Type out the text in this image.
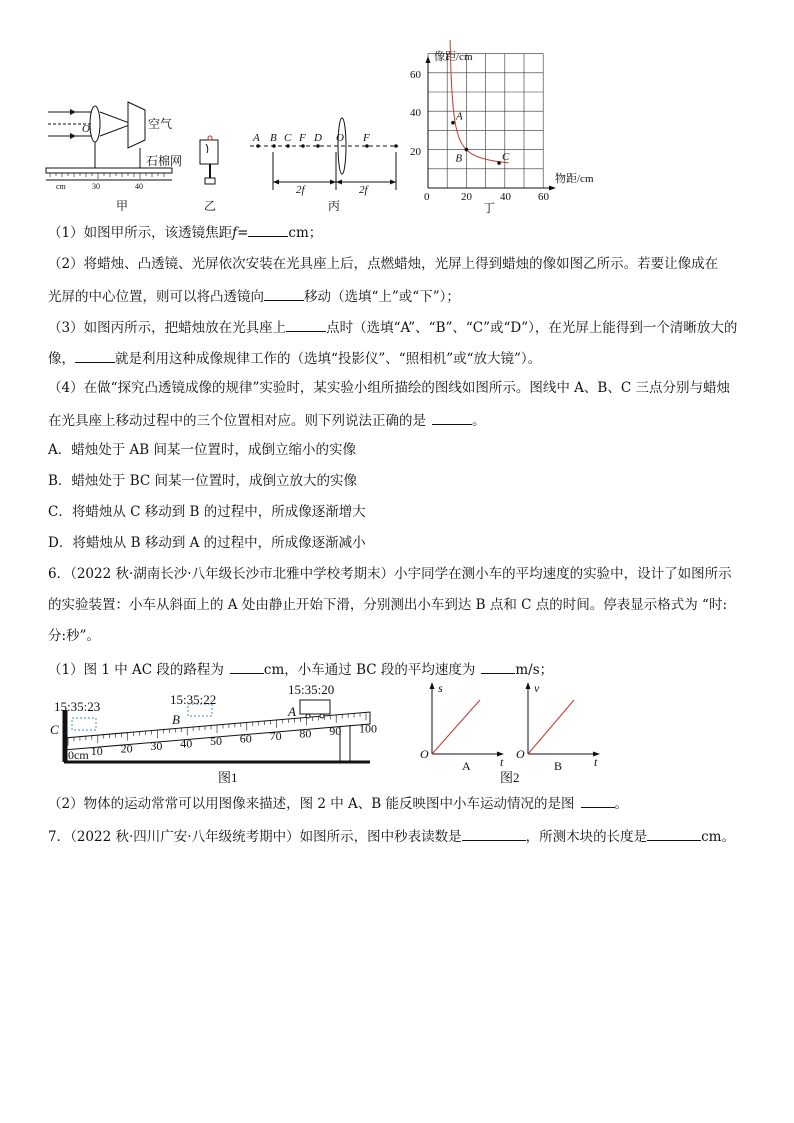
空气
石棉网
O
cm	30	40
甲	乙
A B C F D O F
2f	2f
丙
像距/cm
物距/cm
60
40
20
0	20	40 60
A
B	C
丁
（1）如图甲所示，该透镜焦距f=	cm；
（2）将蜡烛、凸透镜、光屏依次安装在光具座上后，点燃蜡烛，光屏上得到蜡烛的像如图乙所示。若要让像成在
光屏的中心位置，则可以将凸透镜向	移动（选填“上”或“下”）；
（3）如图丙所示，把蜡烛放在光具座上	点时（选填“A”、“B”、“C”或“D”），在光屏上能得到一个清晰放大的
像，	就是利用这种成像规律工作的（选填“投影仪”、“照相机”或“放大镜”）。
（4）在做“探究凸透镜成像的规律”实验时，某实验小组所描绘的图线如图所示。图线中 A、B、C 三点分别与蜡烛
在光具座上移动过程中的三个位置相对应。则下列说法正确的是	。
A．蜡烛处于 AB 间某一位置时，成倒立缩小的实像
B．蜡烛处于 BC 间某一位置时，成倒立放大的实像
C．将蜡烛从 C 移动到 B 的过程中，所成像逐渐增大
D．将蜡烛从 B 移动到 A 的过程中，所成像逐渐减小
6．（2022 秋·湖南长沙·八年级长沙市北雅中学校考期末）小宇同学在测小车的平均速度的实验中，设计了如图所示
的实验装置：小车从斜面上的 A 处由静止开始下滑，分别测出小车到达 B 点和 C 点的时间。停表显示格式为 “时:
分:秒”。
（1）图 1 中 AC 段的路程为	cm，小车通过 BC 段的平均速度为	m/s；
0cm 10 20 30 40 50 60 70 80 90 100
C
B
A
15:35:23	15:35:22
15:35:20
图1
s
t
O
A
v
t
O
B
图2
（2）物体的运动常常可以用图像来描述，图 2 中 A、B 能反映图中小车运动情况的是图	。
7．（2022 秋·四川广安·八年级统考期中）如图所示，图中秒表读数是	，所测木块的长度是	cm。
